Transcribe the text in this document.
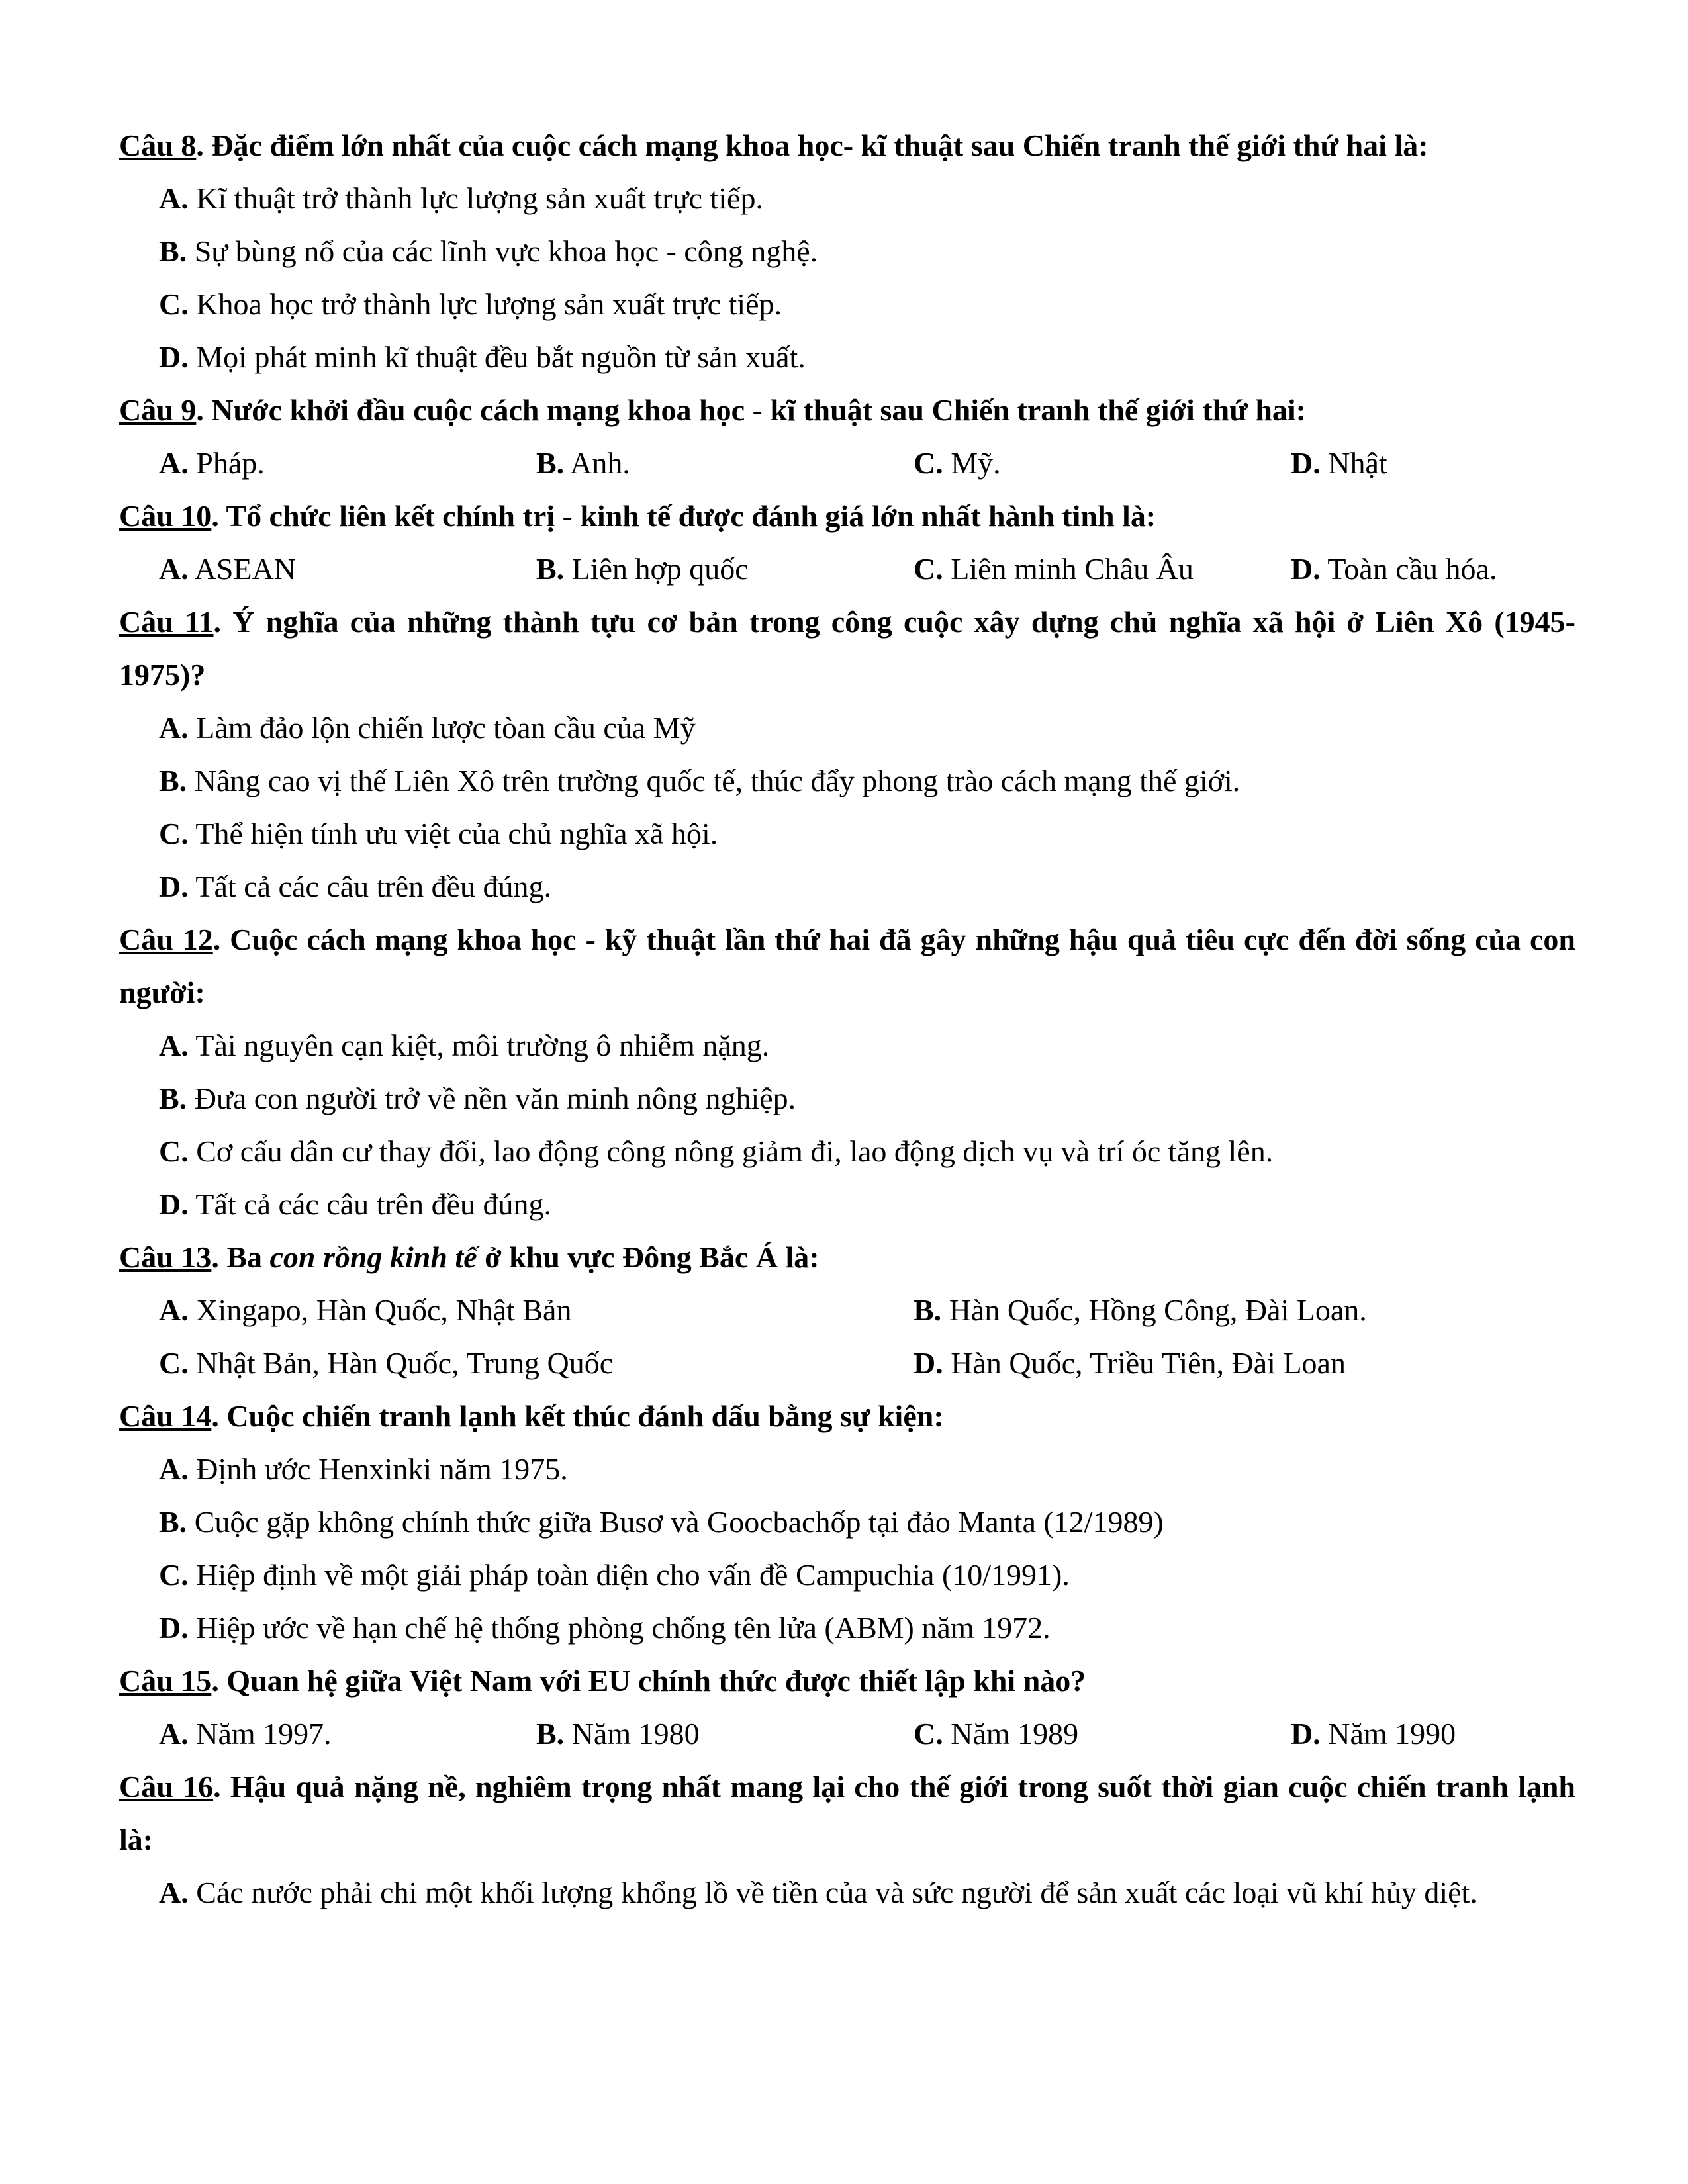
Câu 8. Đặc điểm lớn nhất của cuộc cách mạng khoa học- kĩ thuật sau Chiến tranh thế giới thứ hai là:

A. Kĩ thuật trở thành lực lượng sản xuất trực tiếp.

B. Sự bùng nổ của các lĩnh vực khoa học - công nghệ.

C. Khoa học trở thành lực lượng sản xuất trực tiếp.

D. Mọi phát minh kĩ thuật đều bắt nguồn từ sản xuất.

Câu 9. Nước khởi đầu cuộc cách mạng khoa học - kĩ thuật sau Chiến tranh thế giới thứ hai:

A. Pháp.	B. Anh.	C. Mỹ.	D. Nhật

Câu 10. Tổ chức liên kết chính trị - kinh tế được đánh giá lớn nhất hành tinh là:

A. ASEAN	B. Liên hợp quốc	C. Liên minh Châu Âu	D. Toàn cầu hóa.

Câu 11. Ý nghĩa của những thành tựu cơ bản trong công cuộc xây dựng chủ nghĩa xã hội ở Liên Xô (1945-1975)?

A. Làm đảo lộn chiến lược tòan cầu của Mỹ

B. Nâng cao vị thế Liên Xô trên trường quốc tế, thúc đẩy phong trào cách mạng thế giới.

C. Thể hiện tính ưu việt của chủ nghĩa xã hội.

D. Tất cả các câu trên đều đúng.

Câu 12. Cuộc cách mạng khoa học - kỹ thuật lần thứ hai đã gây những hậu quả tiêu cực đến đời sống của con người:

A. Tài nguyên cạn kiệt, môi trường ô nhiễm nặng.

B. Đưa con người trở về nền văn minh nông nghiệp.

C. Cơ cấu dân cư thay đổi, lao động công nông giảm đi, lao động dịch vụ và trí óc tăng lên.

D. Tất cả các câu trên đều đúng.

Câu 13. Ba con rồng kinh tế ở khu vực Đông Bắc Á là:

A. Xingapo, Hàn Quốc, Nhật Bản	B. Hàn Quốc, Hồng Công, Đài Loan.
C. Nhật Bản, Hàn Quốc, Trung Quốc	D. Hàn Quốc, Triều Tiên, Đài Loan

Câu 14. Cuộc chiến tranh lạnh kết thúc đánh dấu bằng sự kiện:

A. Định ước Henxinki năm 1975.

B. Cuộc gặp không chính thức giữa Busơ và Goocbachốp tại đảo Manta (12/1989)

C. Hiệp định về một giải pháp toàn diện cho vấn đề Campuchia (10/1991).

D. Hiệp ước về hạn chế hệ thống phòng chống tên lửa (ABM) năm 1972.

Câu 15. Quan hệ giữa Việt Nam với EU chính thức được thiết lập khi nào?

A. Năm 1997.	B. Năm 1980	C. Năm 1989	D. Năm 1990

Câu 16. Hậu quả nặng nề, nghiêm trọng nhất mang lại cho thế giới trong suốt thời gian cuộc chiến tranh lạnh là:

A. Các nước phải chi một khối lượng khổng lồ về tiền của và sức người để sản xuất các loại vũ khí hủy diệt.
